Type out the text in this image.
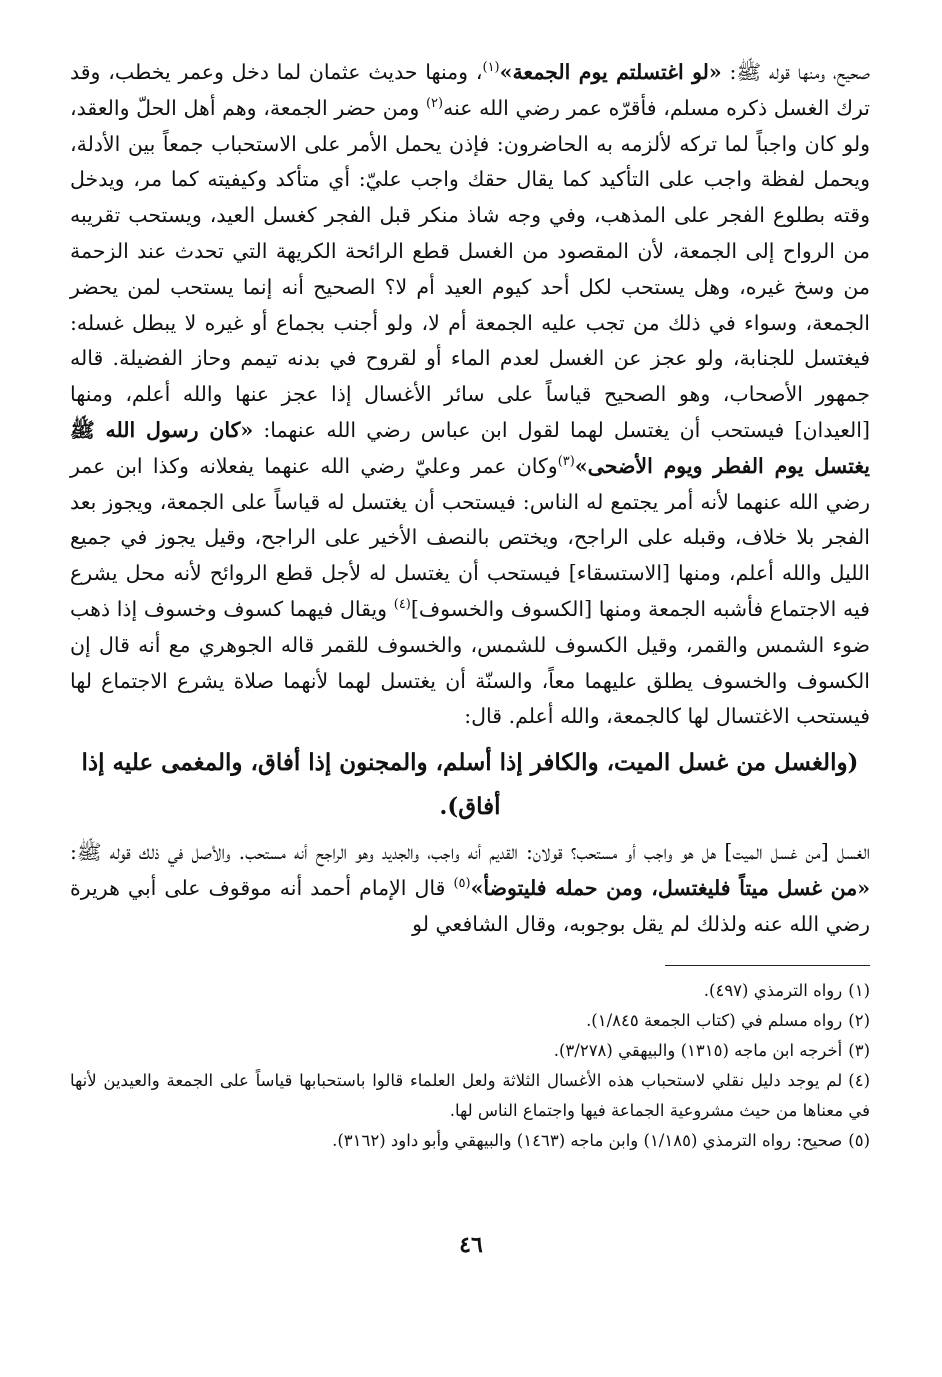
صحيح، ومنها قوله ﷺ: «لو اغتسلتم يوم الجمعة»$^{(١)}$، ومنها حديث عثمان لما دخل وعمر يخطب، وقد ترك الغسل ذكره مسلم، فأقرّه عمر رضي الله عنه$^{(٢)}$ ومن حضر الجمعة، وهم أهل الحلّ والعقد، ولو كان واجباً لما تركه لألزمه به الحاضرون: فإذن يحمل الأمر على الاستحباب جمعاً بين الأدلة، ويحمل لفظة واجب على التأكيد كما يقال حقك واجب عليّ: أي متأكد وكيفيته كما مر، ويدخل وقته بطلوع الفجر على المذهب، وفي وجه شاذ منكر قبل الفجر كغسل العيد، ويستحب تقريبه من الرواح إلى الجمعة، لأن المقصود من الغسل قطع الرائحة الكريهة التي تحدث عند الزحمة من وسخ غيره، وهل يستحب لكل أحد كيوم العيد أم لا؟ الصحيح أنه إنما يستحب لمن يحضر الجمعة، وسواء في ذلك من تجب عليه الجمعة أم لا، ولو أجنب بجماع أو غيره لا يبطل غسله: فيغتسل للجنابة، ولو عجز عن الغسل لعدم الماء أو لقروح في بدنه تيمم وحاز الفضيلة. قاله جمهور الأصحاب، وهو الصحيح قياساً على سائر الأغسال إذا عجز عنها والله أعلم، ومنها [العيدان] فيستحب أن يغتسل لهما لقول ابن عباس رضي الله عنهما: «كان رسول الله ﷺ يغتسل يوم الفطر ويوم الأضحى»$^{(٣)}$وكان عمر وعليّ رضي الله عنهما يفعلانه وكذا ابن عمر رضي الله عنهما لأنه أمر يجتمع له الناس: فيستحب أن يغتسل له قياساً على الجمعة، ويجوز بعد الفجر بلا خلاف، وقبله على الراجح، ويختص بالنصف الأخير على الراجح، وقيل يجوز في جميع الليل والله أعلم، ومنها [الاستسقاء] فيستحب أن يغتسل له لأجل قطع الروائح لأنه محل يشرع فيه الاجتماع فأشبه الجمعة ومنها [الكسوف والخسوف]$^{(٤)}$ ويقال فيهما كسوف وخسوف إذا ذهب ضوء الشمس والقمر، وقيل الكسوف للشمس، والخسوف للقمر قاله الجوهري مع أنه قال إن الكسوف والخسوف يطلق عليهما معاً، والسنّة أن يغتسل لهما لأنهما صلاة يشرع الاجتماع لها فيستحب الاغتسال لها كالجمعة، والله أعلم. قال:

(والغسل من غسل الميت، والكافر إذا أسلم، والمجنون إذا أفاق، والمغمى عليه إذا أفاق).

الغسل [من غسل الميت] هل هو واجب أو مستحب؟ قولان: القديم أنه واجب، والجديد وهو الراجح أنه مستحب. والأصل في ذلك قوله ﷺ: «من غسل ميتاً فليغتسل، ومن حمله فليتوضأ»$^{(٥)}$ قال الإمام أحمد أنه موقوف على أبي هريرة رضي الله عنه ولذلك لم يقل بوجوبه، وقال الشافعي لو

(١)رواه الترمذي (٤٩٧).

(٢)رواه مسلم في (كتاب الجمعة ١/٨٤٥).

(٣)أخرجه ابن ماجه (١٣١٥) والبيهقي (٣/٢٧٨).

(٤)لم يوجد دليل نقلي لاستحباب هذه الأغسال الثلاثة ولعل العلماء قالوا باستحبابها قياساً على الجمعة والعيدين لأنها في معناها من حيث مشروعية الجماعة فيها واجتماع الناس لها.

(٥)صحيح: رواه الترمذي (١/١٨٥) وابن ماجه (١٤٦٣) والبيهقي وأبو داود (٣١٦٢).

٤٦
